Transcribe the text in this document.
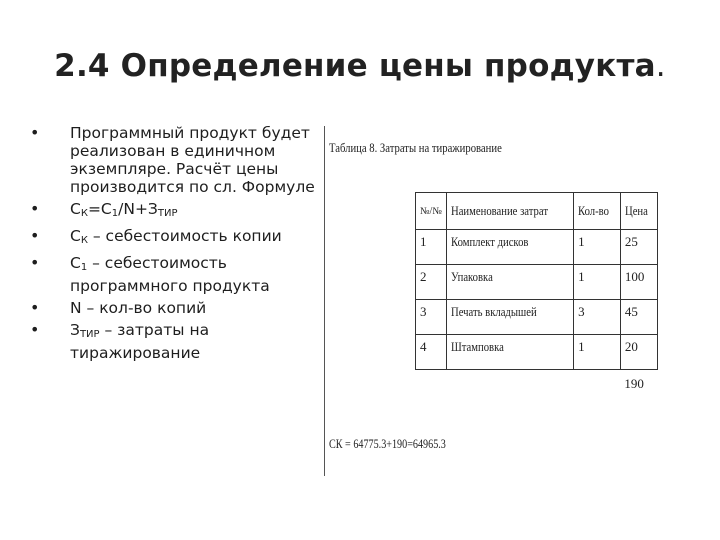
2.4 Определение цены продукта.
• Программный продукт будет реализован в единичном экземпляре. Расчёт цены производится по сл. Формуле
• $С_К=С_1/N+З_{ТИР}$
• $С_К$ – себестоимость копии
• $С_1$ – себестоимость программного продукта
• N – кол-во копий
• $З_{ТИР}$ – затраты на тиражирование
Таблица 8. Затраты на тиражирование
№/№	Наименование затрат	Кол-во	Цена
1	Комплект дисков	1	25
2	Упаковка	1	100
3	Печать вкладышей	3	45
4	Штамповка	1	20
			190
СК = 64775.3+190=64965.3
